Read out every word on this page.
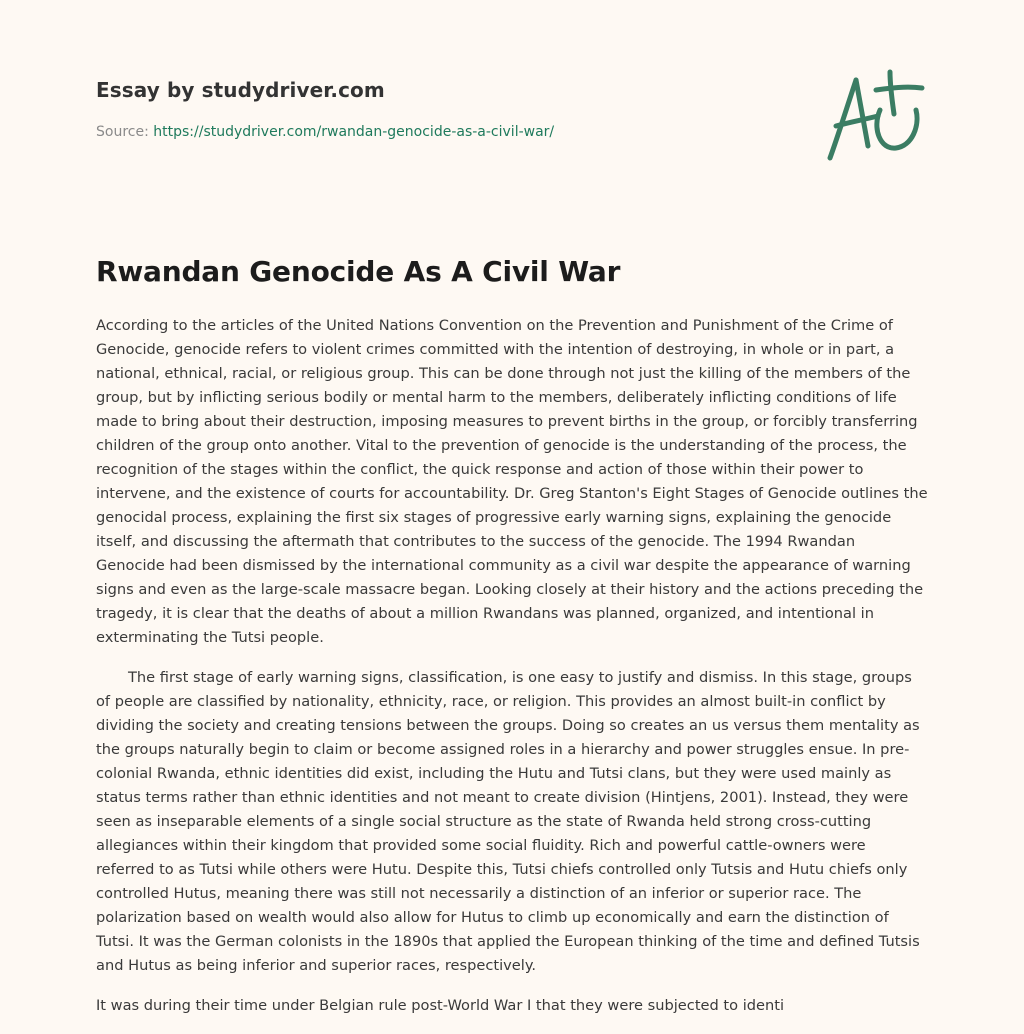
Essay by studydriver.com
Source: https://studydriver.com/rwandan-genocide-as-a-civil-war/
Rwandan Genocide As A Civil War

According to the articles of the United Nations Convention on the Prevention and Punishment of the Crime of Genocide, genocide refers to violent crimes committed with the intention of destroying, in whole or in part, a national, ethnical, racial, or religious group. This can be done through not just the killing of the members of the group, but by inflicting serious bodily or mental harm to the members, deliberately inflicting conditions of life made to bring about their destruction, imposing measures to prevent births in the group, or forcibly transferring children of the group onto another. Vital to the prevention of genocide is the understanding of the process, the recognition of the stages within the conflict, the quick response and action of those within their power to intervene, and the existence of courts for accountability. Dr. Greg Stanton's Eight Stages of Genocide outlines the genocidal process, explaining the first six stages of progressive early warning signs, explaining the genocide itself, and discussing the aftermath that contributes to the success of the genocide. The 1994 Rwandan Genocide had been dismissed by the international community as a civil war despite the appearance of warning signs and even as the large-scale massacre began. Looking closely at their history and the actions preceding the tragedy, it is clear that the deaths of about a million Rwandans was planned, organized, and intentional in exterminating the Tutsi people.

The first stage of early warning signs, classification, is one easy to justify and dismiss. In this stage, groups of people are classified by nationality, ethnicity, race, or religion. This provides an almost built-in conflict by dividing the society and creating tensions between the groups. Doing so creates an us versus them mentality as the groups naturally begin to claim or become assigned roles in a hierarchy and power struggles ensue. In pre-colonial Rwanda, ethnic identities did exist, including the Hutu and Tutsi clans, but they were used mainly as status terms rather than ethnic identities and not meant to create division (Hintjens, 2001). Instead, they were seen as inseparable elements of a single social structure as the state of Rwanda held strong cross-cutting allegiances within their kingdom that provided some social fluidity. Rich and powerful cattle-owners were referred to as Tutsi while others were Hutu. Despite this, Tutsi chiefs controlled only Tutsis and Hutu chiefs only controlled Hutus, meaning there was still not necessarily a distinction of an inferior or superior race. The polarization based on wealth would also allow for Hutus to climb up economically and earn the distinction of Tutsi. It was the German colonists in the 1890s that applied the European thinking of the time and defined Tutsis and Hutus as being inferior and superior races, respectively.

It was during their time under Belgian rule post-World War I that they were subjected to identi
